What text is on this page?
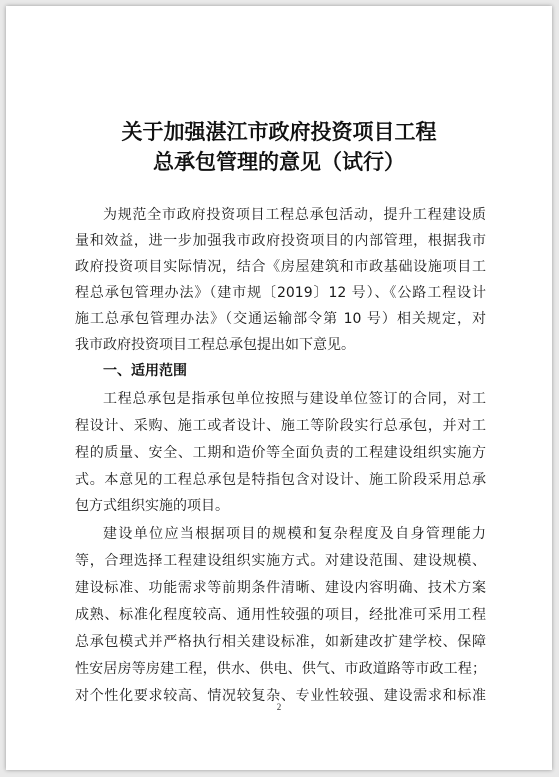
关于加强湛江市政府投资项目工程
总承包管理的意见（试行）
为规范全市政府投资项目工程总承包活动，提升工程建设质
量和效益，进一步加强我市政府投资项目的内部管理，根据我市
政府投资项目实际情况，结合《房屋建筑和市政基础设施项目工
程总承包管理办法》（建市规〔2019〕12 号）、《公路工程设计
施工总承包管理办法》（交通运输部令第 10 号）相关规定，对
我市政府投资项目工程总承包提出如下意见。
一、适用范围
工程总承包是指承包单位按照与建设单位签订的合同，对工
程设计、采购、施工或者设计、施工等阶段实行总承包，并对工
程的质量、安全、工期和造价等全面负责的工程建设组织实施方
式。本意见的工程总承包是特指包含对设计、施工阶段采用总承
包方式组织实施的项目。
建设单位应当根据项目的规模和复杂程度及自身管理能力
等，合理选择工程建设组织实施方式。对建设范围、建设规模、
建设标准、功能需求等前期条件清晰、建设内容明确、技术方案
成熟、标准化程度较高、通用性较强的项目，经批准可采用工程
总承包模式并严格执行相关建设标准，如新建改扩建学校、保障
性安居房等房建工程，供水、供电、供气、市政道路等市政工程；
对个性化要求较高、情况较复杂、专业性较强、建设需求和标准
2
